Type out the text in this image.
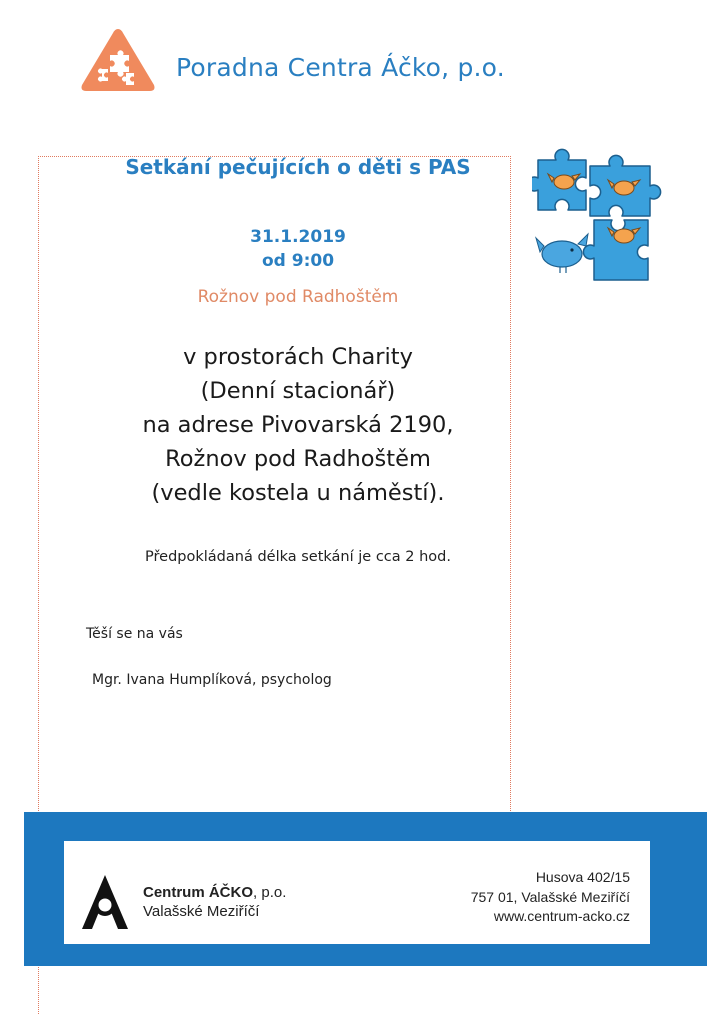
Poradna Centra Áčko, p.o.
Setkání pečujících o děti s PAS
31.1.2019
od 9:00
Rožnov pod Radhoštěm
v prostorách Charity
(Denní stacionář)
na adrese Pivovarská 2190,
Rožnov pod Radhoštěm
(vedle kostela u náměstí).
Předpokládaná délka setkání je cca 2 hod.
Těší se na vás
Mgr. Ivana Humplíková, psycholog
Centrum ÁČKO, p.o.
Valašské Meziříčí
Husova 402/15
757 01, Valašské Meziříčí
www.centrum-acko.cz
